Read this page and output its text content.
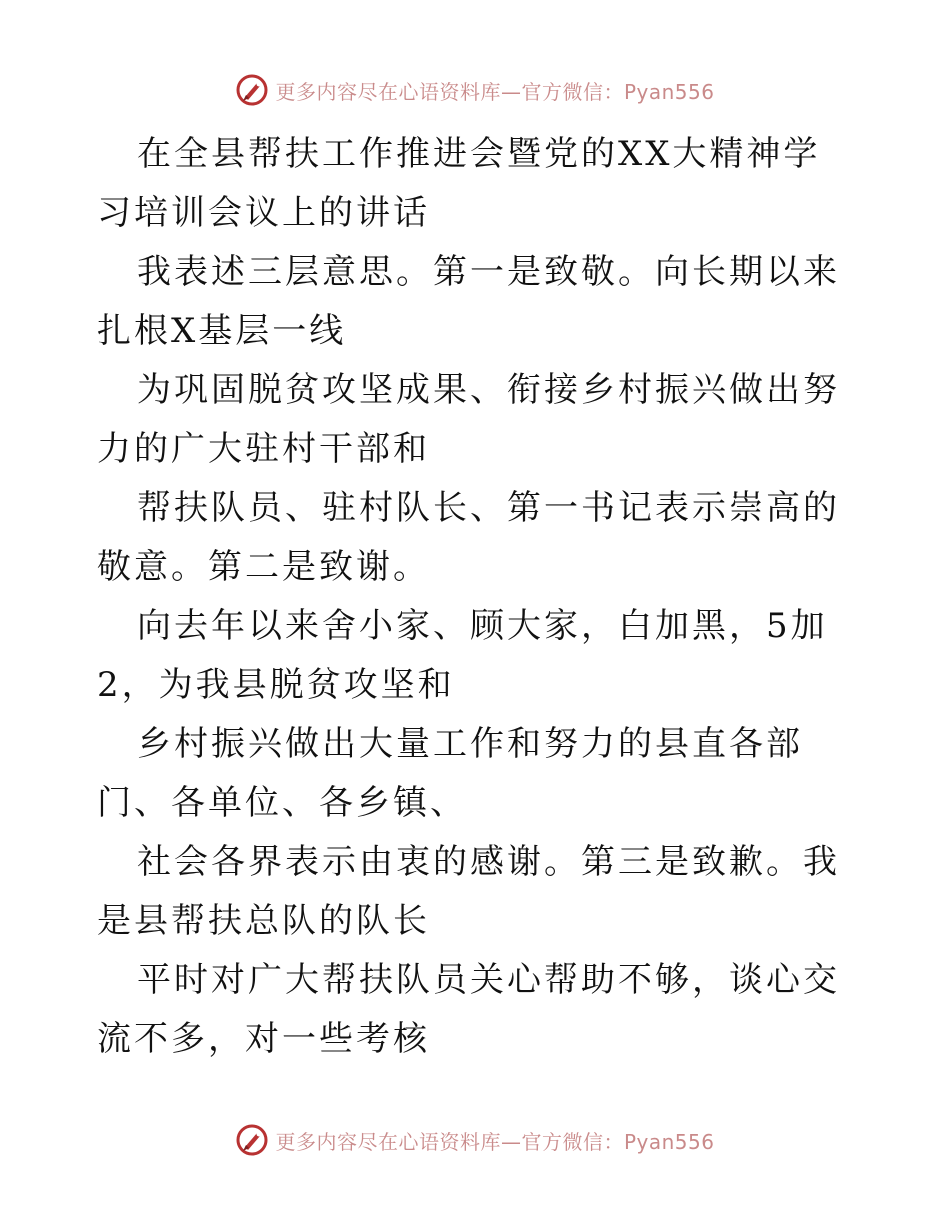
更多内容尽在心语资料库—官方微信：Pyan556

在全县帮扶工作推进会暨党的XX大精神学习培训会议上的讲话

我表述三层意思。第一是致敬。向长期以来扎根X基层一线

为巩固脱贫攻坚成果、衔接乡村振兴做出努力的广大驻村干部和

帮扶队员、驻村队长、第一书记表示崇高的敬意。第二是致谢。

向去年以来舍小家、顾大家，白加黑，5加2，为我县脱贫攻坚和

乡村振兴做出大量工作和努力的县直各部门、各单位、各乡镇、

社会各界表示由衷的感谢。第三是致歉。我是县帮扶总队的队长

平时对广大帮扶队员关心帮助不够，谈心交流不多，对一些考核

更多内容尽在心语资料库—官方微信：Pyan556
